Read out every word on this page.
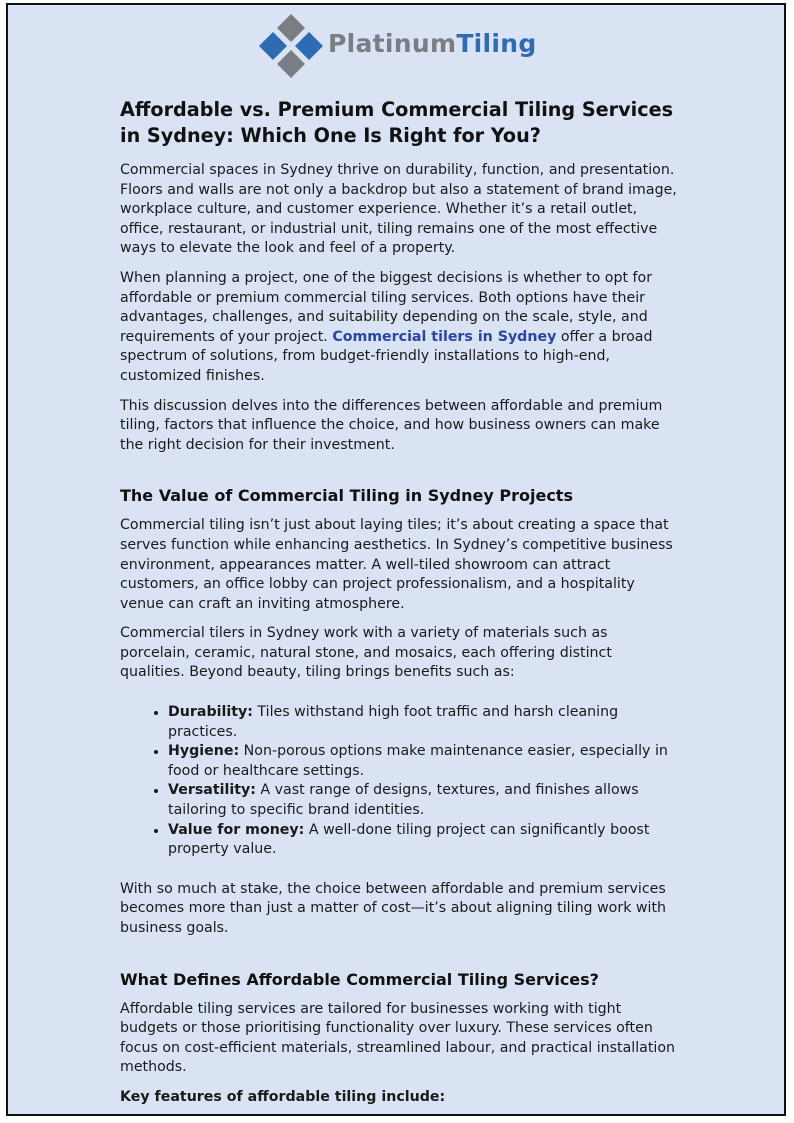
PlatinumTiling
Affordable vs. Premium Commercial Tiling Services in Sydney: Which One Is Right for You?

Commercial spaces in Sydney thrive on durability, function, and presentation. Floors and walls are not only a backdrop but also a statement of brand image, workplace culture, and customer experience. Whether it’s a retail outlet, office, restaurant, or industrial unit, tiling remains one of the most effective ways to elevate the look and feel of a property.

When planning a project, one of the biggest decisions is whether to opt for affordable or premium commercial tiling services. Both options have their advantages, challenges, and suitability depending on the scale, style, and requirements of your project. Commercial tilers in Sydney offer a broad spectrum of solutions, from budget-friendly installations to high-end, customized finishes.

This discussion delves into the differences between affordable and premium tiling, factors that influence the choice, and how business owners can make the right decision for their investment.

The Value of Commercial Tiling in Sydney Projects

Commercial tiling isn’t just about laying tiles; it’s about creating a space that serves function while enhancing aesthetics. In Sydney’s competitive business environment, appearances matter. A well-tiled showroom can attract customers, an office lobby can project professionalism, and a hospitality venue can craft an inviting atmosphere.

Commercial tilers in Sydney work with a variety of materials such as porcelain, ceramic, natural stone, and mosaics, each offering distinct qualities. Beyond beauty, tiling brings benefits such as:

• Durability: Tiles withstand high foot traffic and harsh cleaning practices.
• Hygiene: Non-porous options make maintenance easier, especially in food or healthcare settings.
• Versatility: A vast range of designs, textures, and finishes allows tailoring to specific brand identities.
• Value for money: A well-done tiling project can significantly boost property value.

With so much at stake, the choice between affordable and premium services becomes more than just a matter of cost—it’s about aligning tiling work with business goals.

What Defines Affordable Commercial Tiling Services?

Affordable tiling services are tailored for businesses working with tight budgets or those prioritising functionality over luxury. These services often focus on cost-efficient materials, streamlined labour, and practical installation methods.

Key features of affordable tiling include:
